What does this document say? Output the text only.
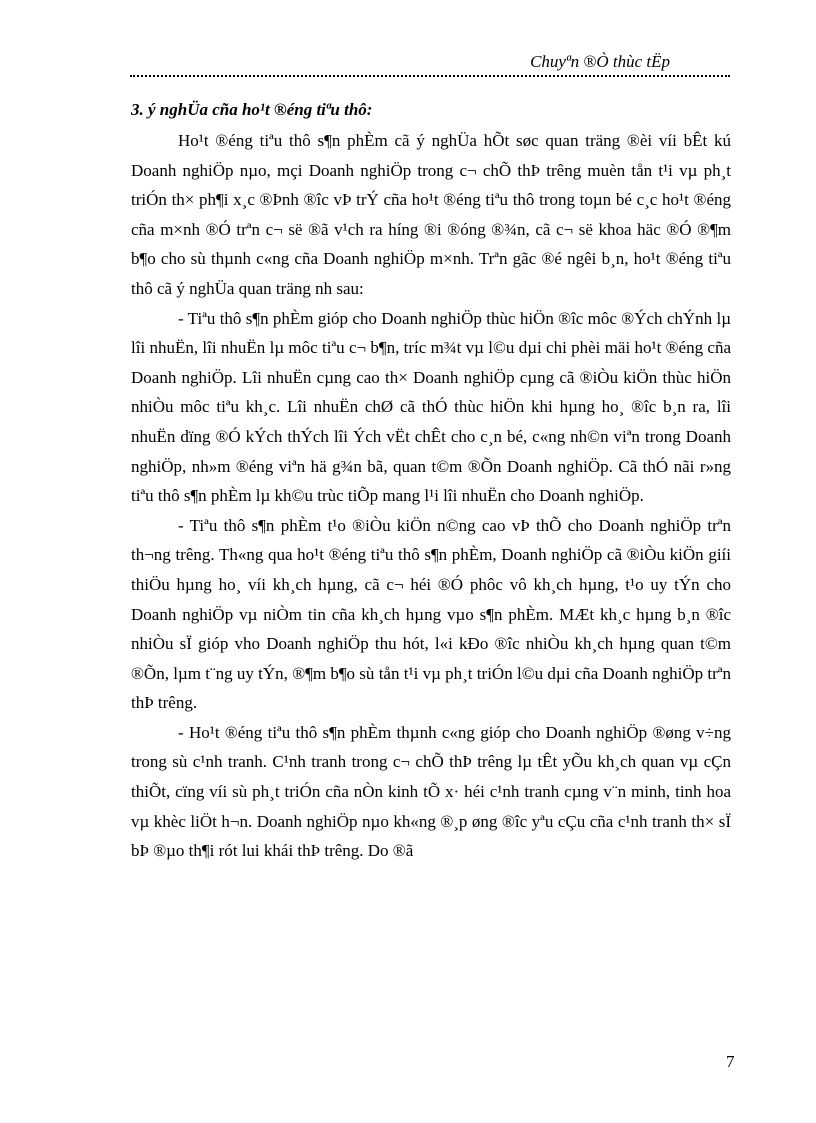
Chuyªn ®Ò thùc tËp
3. ý nghÜa cña ho¹t ®éng tiªu thô:

Ho¹t ®éng tiªu thô s¶n phÈm cã ý nghÜa hÕt søc quan träng ®èi víi bÊt kú Doanh nghiÖp nµo, mçi Doanh nghiÖp trong c¬ chÕ thÞ trêng muèn tån t¹i vµ ph¸t triÓn th× ph¶i x¸c ®Þnh ®îc vÞ trÝ cña ho¹t ®éng tiªu thô trong toµn bé c¸c ho¹t ®éng cña m×nh ®Ó trªn c¬ së ®ã v¹ch ra híng ®i ®óng ®¾n, cã c¬ së khoa häc ®Ó ®¶m b¶o cho sù thµnh c«ng cña Doanh nghiÖp m×nh. Trªn gãc ®é ngêi b¸n, ho¹t ®éng tiªu thô cã ý nghÜa quan träng nh sau:

- Tiªu thô s¶n phÈm gióp cho Doanh nghiÖp thùc hiÖn ®îc môc ®Ých chÝnh lµ lîi nhuËn, lîi nhuËn lµ môc tiªu c¬ b¶n, tríc m¾t vµ l©u dµi chi phèi mäi ho¹t ®éng cña Doanh nghiÖp. Lîi nhuËn cµng cao th× Doanh nghiÖp cµng cã ®iÒu kiÖn thùc hiÖn nhiÒu môc tiªu kh¸c. Lîi nhuËn chØ cã thÓ thùc hiÖn khi hµng ho¸ ®îc b¸n ra, lîi nhuËn dïng ®Ó kÝch thÝch lîi Ých vËt chÊt cho c¸n bé, c«ng nh©n viªn trong Doanh nghiÖp, nh»m ®éng viªn hä g¾n bã, quan t©m ®Õn Doanh nghiÖp. Cã thÓ nãi r»ng tiªu thô s¶n phÈm lµ kh©u trùc tiÕp mang l¹i lîi nhuËn cho Doanh nghiÖp.

- Tiªu thô s¶n phÈm t¹o ®iÒu kiÖn n©ng cao vÞ thÕ cho Doanh nghiÖp trªn th¬ng trêng. Th«ng qua ho¹t ®éng tiªu thô s¶n phÈm, Doanh nghiÖp cã ®iÒu kiÖn giíi thiÖu hµng ho¸ víi kh¸ch hµng, cã c¬ héi ®Ó phôc vô kh¸ch hµng, t¹o uy tÝn cho Doanh nghiÖp vµ niÒm tin cña kh¸ch hµng vµo s¶n phÈm. MÆt kh¸c hµng b¸n ®îc nhiÒu sÏ gióp vho Doanh nghiÖp thu hót, l«i kÐo ®îc nhiÒu kh¸ch hµng quan t©m ®Õn, lµm t¨ng uy tÝn, ®¶m b¶o sù tån t¹i vµ ph¸t triÓn l©u dµi cña Doanh nghiÖp trªn thÞ trêng.

- Ho¹t ®éng tiªu thô s¶n phÈm thµnh c«ng gióp cho Doanh nghiÖp ®øng v÷ng trong sù c¹nh tranh. C¹nh tranh trong c¬ chÕ thÞ trêng lµ tÊt yÕu kh¸ch quan vµ cÇn thiÕt, cïng víi sù ph¸t triÓn cña nÒn kinh tÕ x· héi c¹nh tranh cµng v¨n minh, tinh hoa vµ khèc liÖt h¬n. Doanh nghiÖp nµo kh«ng ®¸p øng ®îc yªu cÇu cña c¹nh tranh th× sÏ bÞ ®µo th¶i rót lui khái thÞ trêng. Do ®ã

7
